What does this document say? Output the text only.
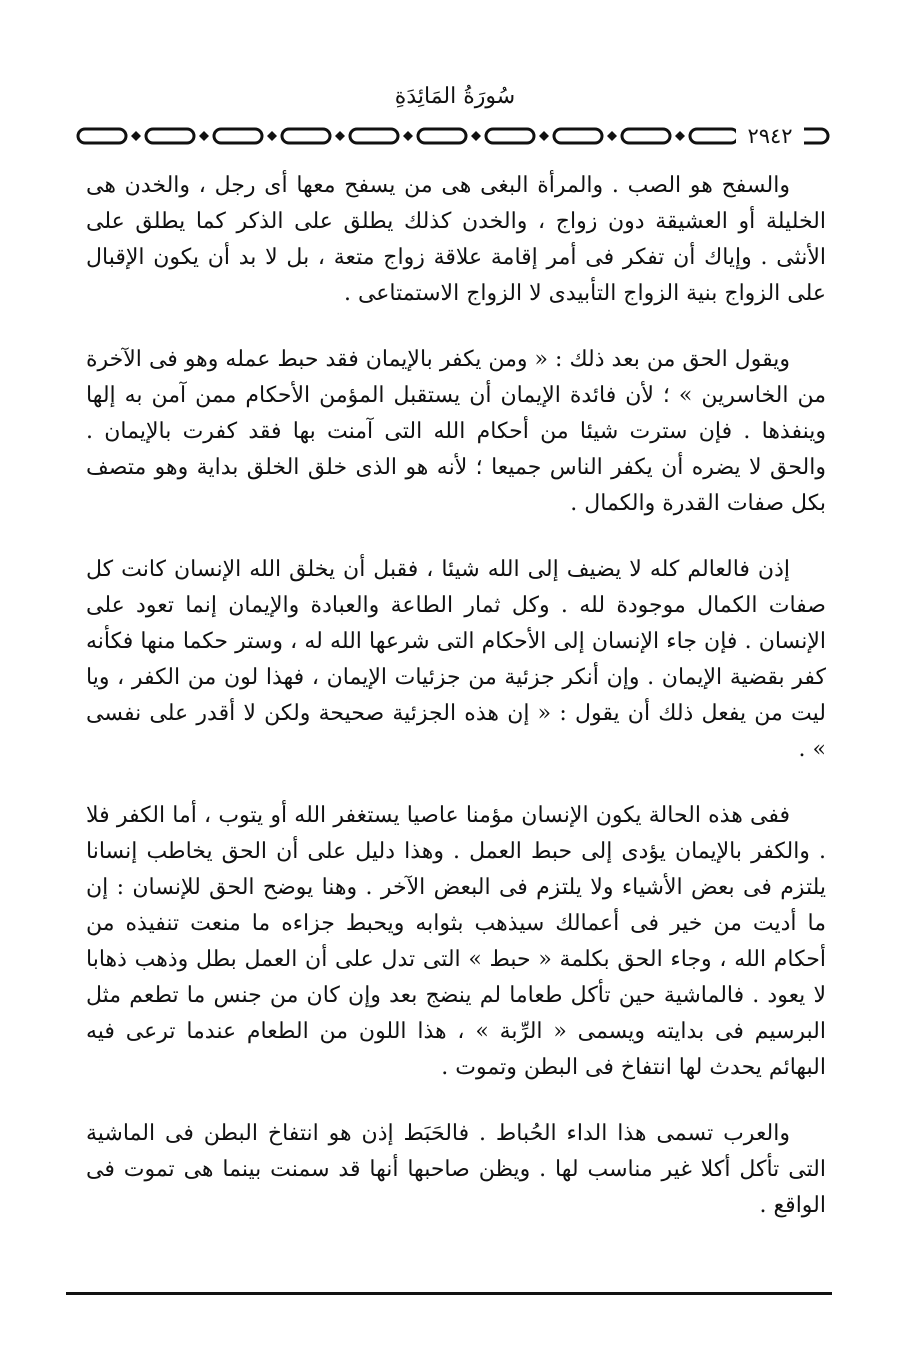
سُورَةُ المَائِدَةِ
٢٩٤٢

والسفح هو الصب . والمرأة البغى هى من يسفح معها أى رجل ، والخدن هى الخليلة أو العشيقة دون زواج ، والخدن كذلك يطلق على الذكر كما يطلق على الأنثى . وإياك أن تفكر فى أمر إقامة علاقة زواج متعة ، بل لا بد أن يكون الإقبال على الزواج بنية الزواج التأبيدى لا الزواج الاستمتاعى .

ويقول الحق من بعد ذلك : « ومن يكفر بالإيمان فقد حبط عمله وهو فى الآخرة من الخاسرين » ؛ لأن فائدة الإيمان أن يستقبل المؤمن الأحكام ممن آمن به إلها وينفذها . فإن سترت شيئا من أحكام الله التى آمنت بها فقد كفرت بالإيمان . والحق لا يضره أن يكفر الناس جميعا ؛ لأنه هو الذى خلق الخلق بداية وهو متصف بكل صفات القدرة والكمال .

إذن فالعالم كله لا يضيف إلى الله شيئا ، فقبل أن يخلق الله الإنسان كانت كل صفات الكمال موجودة لله . وكل ثمار الطاعة والعبادة والإيمان إنما تعود على الإنسان . فإن جاء الإنسان إلى الأحكام التى شرعها الله له ، وستر حكما منها فكأنه كفر بقضية الإيمان . وإن أنكر جزئية من جزئيات الإيمان ، فهذا لون من الكفر ، ويا ليت من يفعل ذلك أن يقول : « إن هذه الجزئية صحيحة ولكن لا أقدر على نفسى » .

ففى هذه الحالة يكون الإنسان مؤمنا عاصيا يستغفر الله أو يتوب ، أما الكفر فلا . والكفر بالإيمان يؤدى إلى حبط العمل . وهذا دليل على أن الحق يخاطب إنسانا يلتزم فى بعض الأشياء ولا يلتزم فى البعض الآخر . وهنا يوضح الحق للإنسان : إن ما أديت من خير فى أعمالك سيذهب بثوابه ويحبط جزاءه ما منعت تنفيذه من أحكام الله ، وجاء الحق بكلمة « حبط » التى تدل على أن العمل بطل وذهب ذهابا لا يعود . فالماشية حين تأكل طعاما لم ينضج بعد وإن كان من جنس ما تطعم مثل البرسيم فى بدايته ويسمى « الرِّبة » ، هذا اللون من الطعام عندما ترعى فيه البهائم يحدث لها انتفاخ فى البطن وتموت .

والعرب تسمى هذا الداء الحُباط . فالحَبَط إذن هو انتفاخ البطن فى الماشية التى تأكل أكلا غير مناسب لها . ويظن صاحبها أنها قد سمنت بينما هى تموت فى الواقع .
